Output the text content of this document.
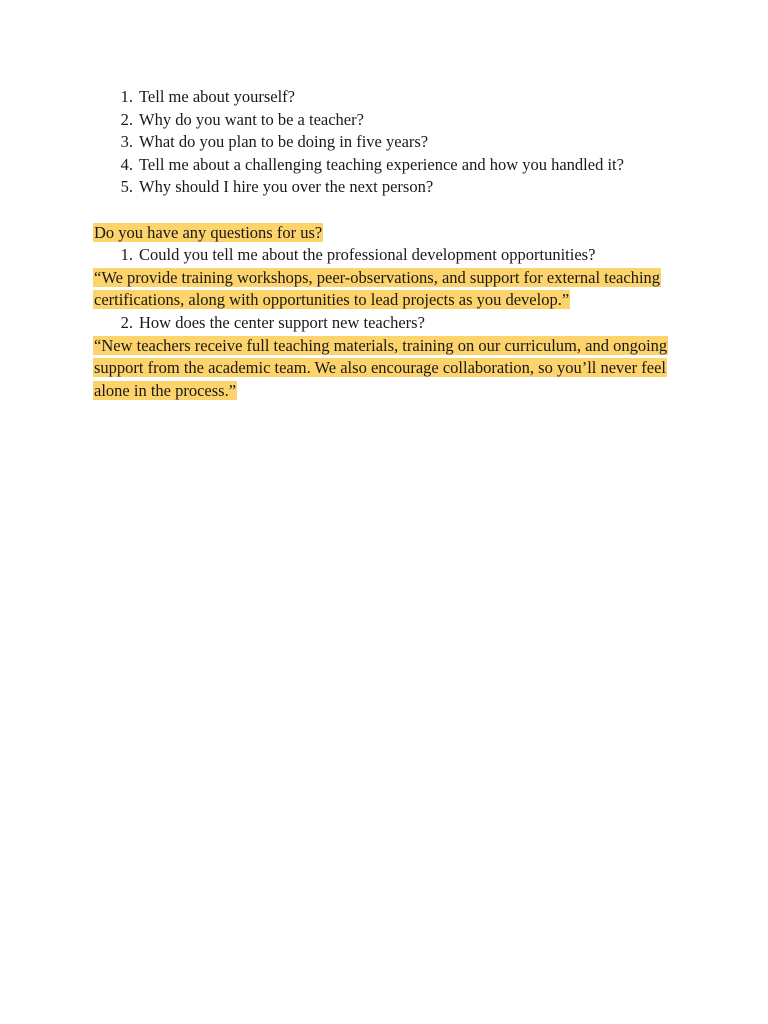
1. Tell me about yourself?
2. Why do you want to be a teacher?
3. What do you plan to be doing in five years?
4. Tell me about a challenging teaching experience and how you handled it?
5. Why should I hire you over the next person?
Do you have any questions for us?
1. Could you tell me about the professional development opportunities?
“We provide training workshops, peer-observations, and support for external teaching certifications, along with opportunities to lead projects as you develop.”
2. How does the center support new teachers?
“New teachers receive full teaching materials, training on our curriculum, and ongoing support from the academic team. We also encourage collaboration, so you’ll never feel alone in the process.”
